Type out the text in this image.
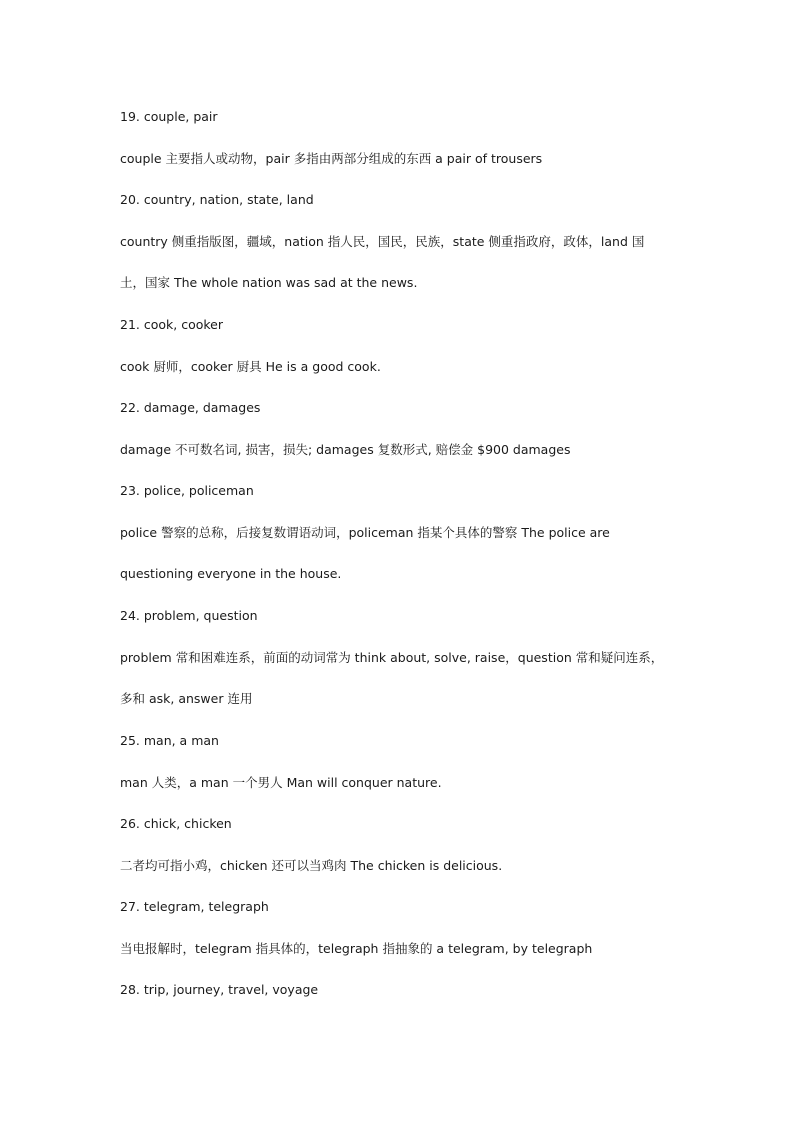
19. couple, pair
couple 主要指人或动物，pair 多指由两部分组成的东西 a pair of trousers
20. country, nation, state, land
country 侧重指版图，疆域，nation 指人民，国民，民族，state 侧重指政府，政体，land 国
土，国家 The whole nation was sad at the news.
21. cook, cooker
cook 厨师，cooker 厨具 He is a good cook.
22. damage, damages
damage 不可数名词, 损害，损失; damages 复数形式, 赔偿金 $900 damages
23. police, policeman
police 警察的总称，后接复数谓语动词，policeman 指某个具体的警察 The police are
questioning everyone in the house.
24. problem, question
problem 常和困难连系，前面的动词常为 think about, solve, raise，question 常和疑问连系，
多和 ask, answer 连用
25. man, a man
man 人类，a man 一个男人 Man will conquer nature.
26. chick, chicken
二者均可指小鸡，chicken 还可以当鸡肉 The chicken is delicious.
27. telegram, telegraph
当电报解时，telegram 指具体的，telegraph 指抽象的 a telegram, by telegraph
28. trip, journey, travel, voyage
